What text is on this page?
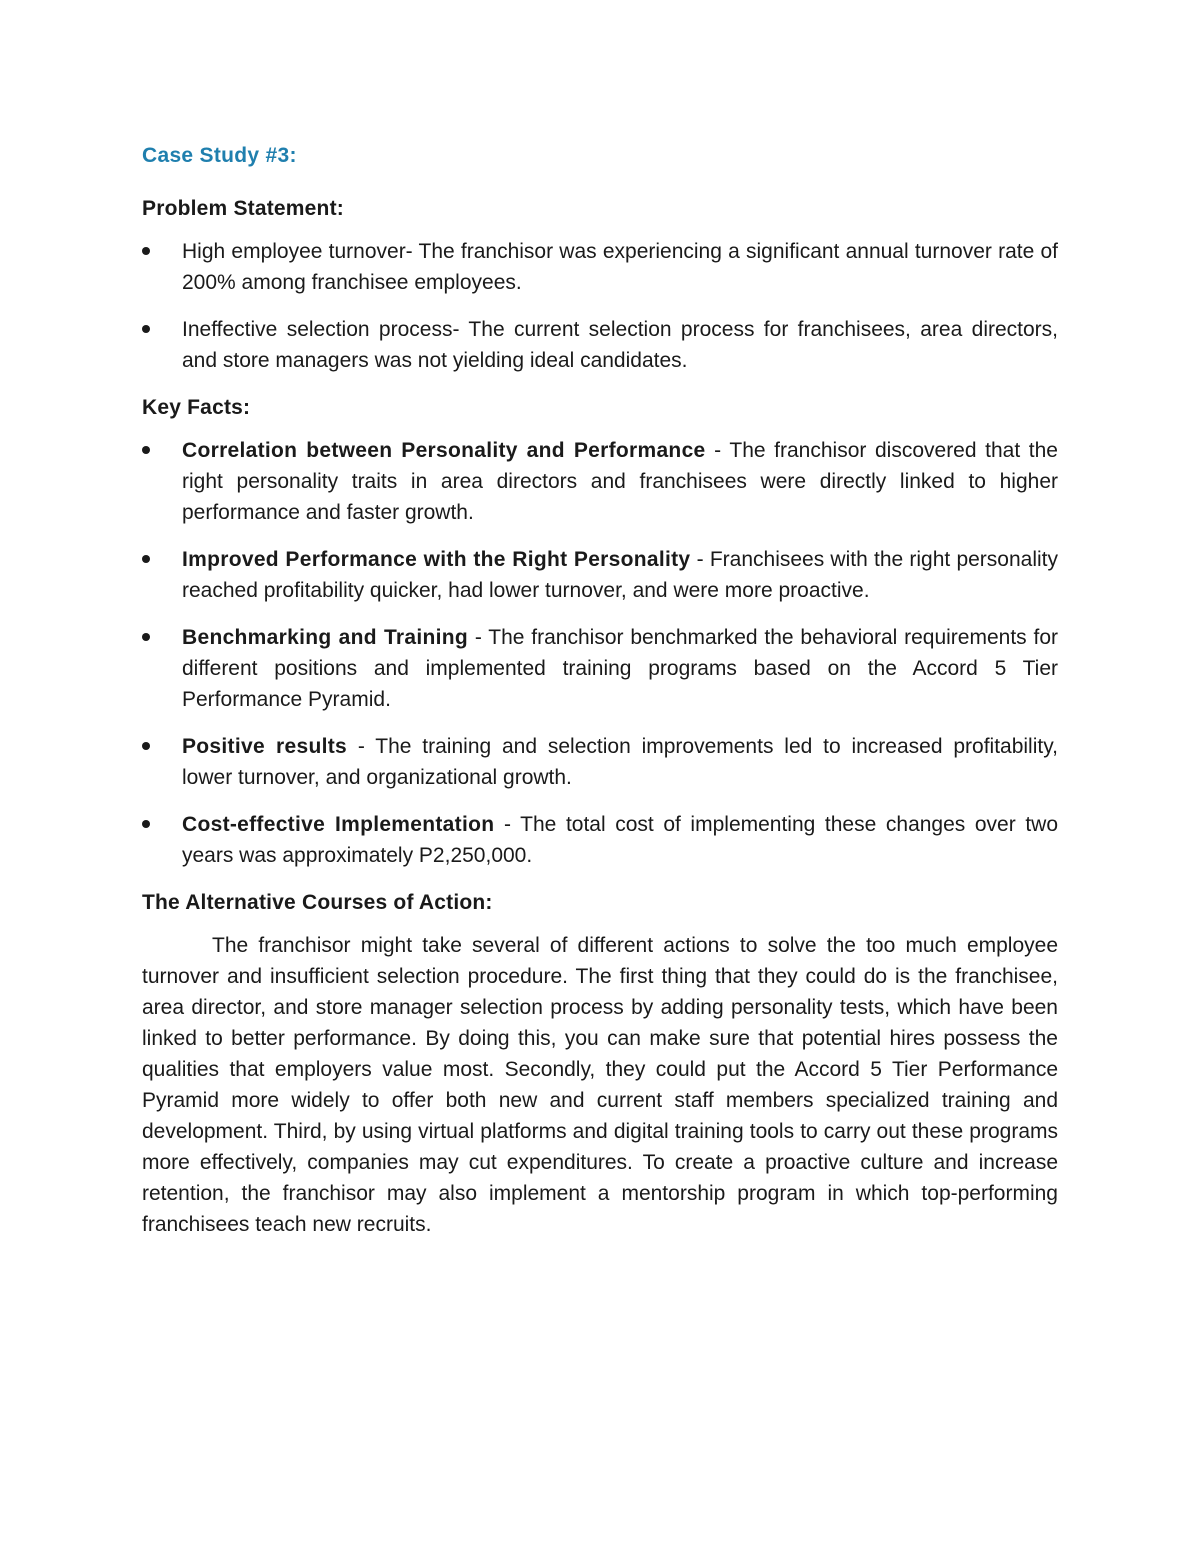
Case Study #3:
Problem Statement:
High employee turnover- The franchisor was experiencing a significant annual turnover rate of 200% among franchisee employees.
Ineffective selection process- The current selection process for franchisees, area directors, and store managers was not yielding ideal candidates.
Key Facts:
Correlation between Personality and Performance - The franchisor discovered that the right personality traits in area directors and franchisees were directly linked to higher performance and faster growth.
Improved Performance with the Right Personality - Franchisees with the right personality reached profitability quicker, had lower turnover, and were more proactive.
Benchmarking and Training - The franchisor benchmarked the behavioral requirements for different positions and implemented training programs based on the Accord 5 Tier Performance Pyramid.
Positive results - The training and selection improvements led to increased profitability, lower turnover, and organizational growth.
Cost-effective Implementation - The total cost of implementing these changes over two years was approximately P2,250,000.
The Alternative Courses of Action:

The franchisor might take several of different actions to solve the too much employee turnover and insufficient selection procedure. The first thing that they could do is the franchisee, area director, and store manager selection process by adding personality tests, which have been linked to better performance. By doing this, you can make sure that potential hires possess the qualities that employers value most. Secondly, they could put the Accord 5 Tier Performance Pyramid more widely to offer both new and current staff members specialized training and development. Third, by using virtual platforms and digital training tools to carry out these programs more effectively, companies may cut expenditures. To create a proactive culture and increase retention, the franchisor may also implement a mentorship program in which top-performing franchisees teach new recruits.
